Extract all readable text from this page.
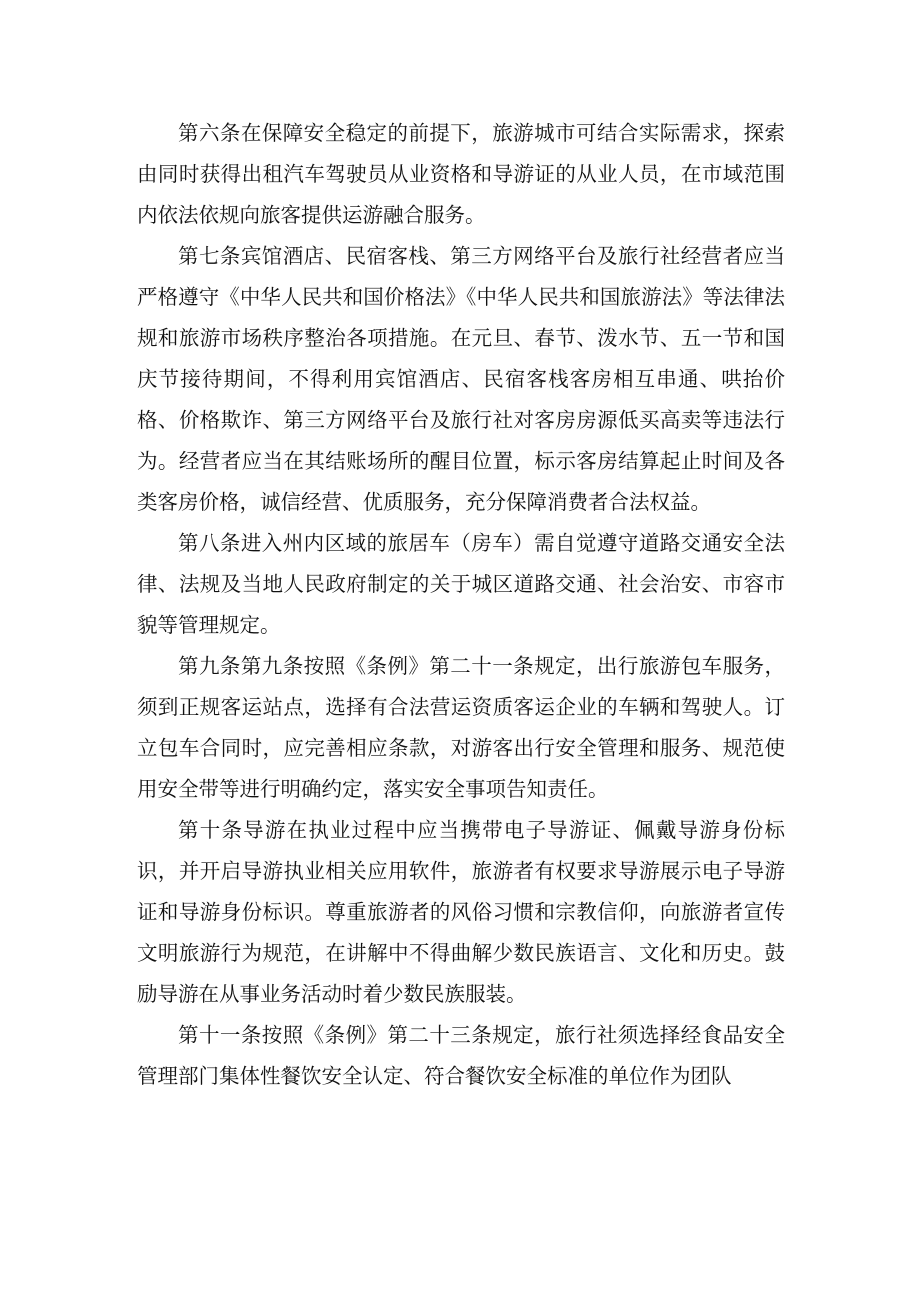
第六条在保障安全稳定的前提下，旅游城市可结合实际需求，探索由同时获得出租汽车驾驶员从业资格和导游证的从业人员，在市域范围内依法依规向旅客提供运游融合服务。

第七条宾馆酒店、民宿客栈、第三方网络平台及旅行社经营者应当严格遵守《中华人民共和国价格法》《中华人民共和国旅游法》等法律法规和旅游市场秩序整治各项措施。在元旦、春节、泼水节、五一节和国庆节接待期间，不得利用宾馆酒店、民宿客栈客房相互串通、哄抬价格、价格欺诈、第三方网络平台及旅行社对客房房源低买高卖等违法行为。经营者应当在其结账场所的醒目位置，标示客房结算起止时间及各类客房价格，诚信经营、优质服务，充分保障消费者合法权益。

第八条进入州内区域的旅居车（房车）需自觉遵守道路交通安全法律、法规及当地人民政府制定的关于城区道路交通、社会治安、市容市貌等管理规定。

第九条第九条按照《条例》第二十一条规定，出行旅游包车服务，须到正规客运站点，选择有合法营运资质客运企业的车辆和驾驶人。订立包车合同时，应完善相应条款，对游客出行安全管理和服务、规范使用安全带等进行明确约定，落实安全事项告知责任。

第十条导游在执业过程中应当携带电子导游证、佩戴导游身份标识，并开启导游执业相关应用软件，旅游者有权要求导游展示电子导游证和导游身份标识。尊重旅游者的风俗习惯和宗教信仰，向旅游者宣传文明旅游行为规范，在讲解中不得曲解少数民族语言、文化和历史。鼓励导游在从事业务活动时着少数民族服装。

第十一条按照《条例》第二十三条规定，旅行社须选择经食品安全管理部门集体性餐饮安全认定、符合餐饮安全标准的单位作为团队
